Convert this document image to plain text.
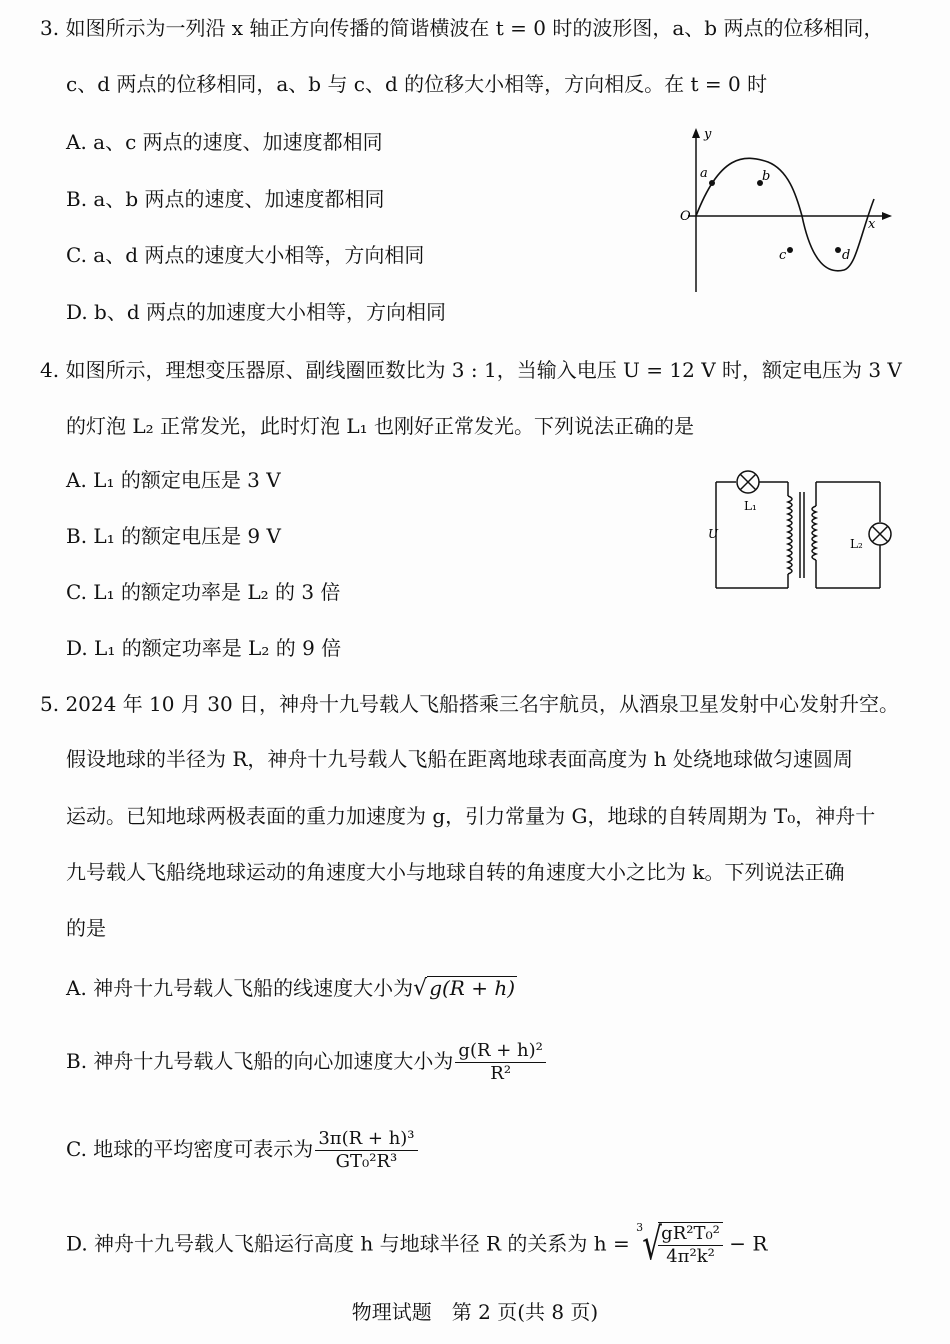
3. 如图所示为一列沿 x 轴正方向传播的简谐横波在 t = 0 时的波形图，a、b 两点的位移相同，
c、d 两点的位移相同，a、b 与 c、d 的位移大小相等，方向相反。在 t = 0 时
A. a、c 两点的速度、加速度都相同
B. a、b 两点的速度、加速度都相同
C. a、d 两点的速度大小相等，方向相同
D. b、d 两点的加速度大小相等，方向相同
y
x
O
a	b
c	d
4. 如图所示，理想变压器原、副线圈匝数比为 3 : 1，当输入电压 U = 12 V 时，额定电压为 3 V
的灯泡 L₂ 正常发光，此时灯泡 L₁ 也刚好正常发光。下列说法正确的是
A. L₁ 的额定电压是 3 V
B. L₁ 的额定电压是 9 V
C. L₁ 的额定功率是 L₂ 的 3 倍
D. L₁ 的额定功率是 L₂ 的 9 倍
L₁
L₂
U
5. 2024 年 10 月 30 日，神舟十九号载人飞船搭乘三名宇航员，从酒泉卫星发射中心发射升空。
假设地球的半径为 R，神舟十九号载人飞船在距离地球表面高度为 h 处绕地球做匀速圆周
运动。已知地球两极表面的重力加速度为 g，引力常量为 G，地球的自转周期为 T₀，神舟十
九号载人飞船绕地球运动的角速度大小与地球自转的角速度大小之比为 k。下列说法正确
的是
A. 神舟十九号载人飞船的线速度大小为√ g(R + h)
B. 神舟十九号载人飞船的向心加速度大小为 $\frac{\text{g(R + h)²}}{\text{R²}}$
C. 地球的平均密度可表示为 $\frac{\text{3π(R + h)³}}{\text{GT₀²R³}}$
D. 神舟十九号载人飞船运行高度 h 与地球半径 R 的关系为 h =
3 √
$\frac{\text{gR²T₀²}}{\text{4π²k²}} - R$
物理试题　第 2 页(共 8 页)
